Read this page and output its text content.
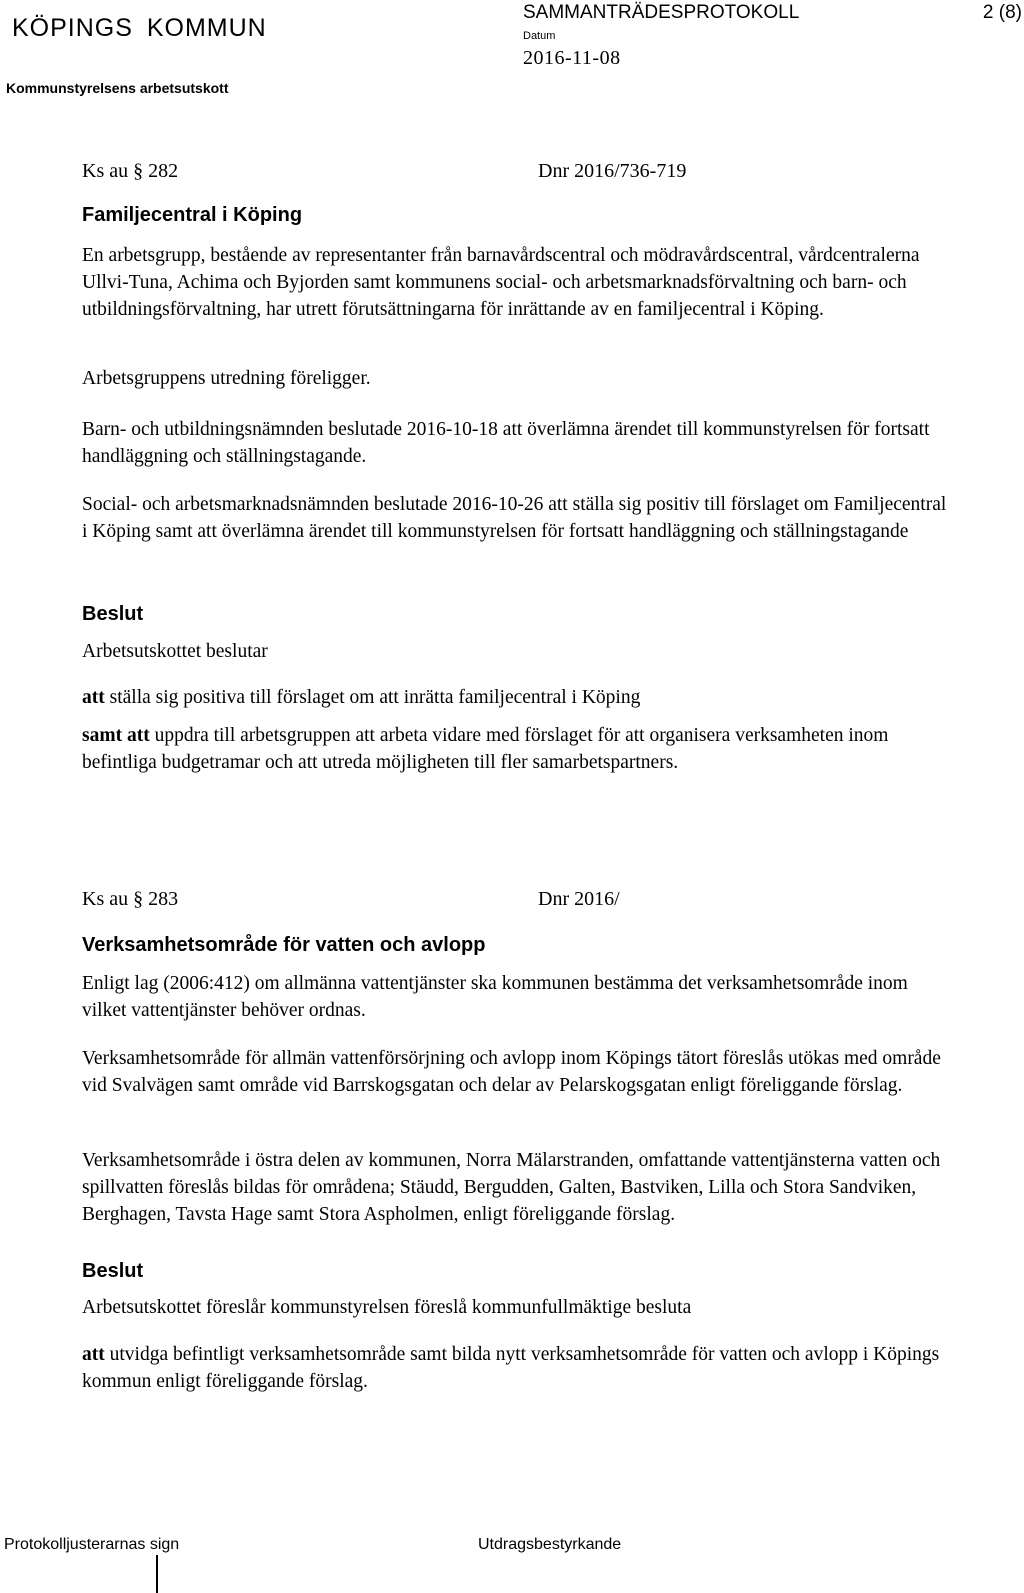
KÖPINGS KOMMUN
Kommunstyrelsens arbetsutskott
SAMMANTRÄDESPROTOKOLL
Datum
2016-11-08
2 (8)
Ks au § 282	Dnr 2016/736-719
Familjecentral i Köping

En arbetsgrupp, bestående av representanter från barnavårdscentral och mödravårdscentral, vårdcentralerna Ullvi-Tuna, Achima och Byjorden samt kommunens social- och arbetsmarknadsförvaltning och barn- och utbildningsförvaltning, har utrett förutsättningarna för inrättande av en familjecentral i Köping.

Arbetsgruppens utredning föreligger.

Barn- och utbildningsnämnden beslutade 2016-10-18 att överlämna ärendet till kommunstyrelsen för fortsatt handläggning och ställningstagande.

Social- och arbetsmarknadsnämnden beslutade 2016-10-26 att ställa sig positiv till förslaget om Familjecentral i Köping samt att överlämna ärendet till kommunstyrelsen för fortsatt handläggning och ställningstagande

Beslut

Arbetsutskottet beslutar

att ställa sig positiva till förslaget om att inrätta familjecentral i Köping

samt att uppdra till arbetsgruppen att arbeta vidare med förslaget för att organisera verksamheten inom befintliga budgetramar och att utreda möjligheten till fler samarbetspartners.

Ks au § 283	Dnr 2016/
Verksamhetsområde för vatten och avlopp

Enligt lag (2006:412) om allmänna vattentjänster ska kommunen bestämma det verksamhetsområde inom vilket vattentjänster behöver ordnas.

Verksamhetsområde för allmän vattenförsörjning och avlopp inom Köpings tätort föreslås utökas med område vid Svalvägen samt område vid Barrskogsgatan och delar av Pelarskogsgatan enligt föreliggande förslag.

Verksamhetsområde i östra delen av kommunen, Norra Mälarstranden, omfattande vattentjänsterna vatten och spillvatten föreslås bildas för områdena; Stäudd, Bergudden, Galten, Bastviken, Lilla och Stora Sandviken, Berghagen, Tavsta Hage samt Stora Aspholmen, enligt föreliggande förslag.

Beslut

Arbetsutskottet föreslår kommunstyrelsen föreslå kommunfullmäktige besluta

att utvidga befintligt verksamhetsområde samt bilda nytt verksamhetsområde för vatten och avlopp i Köpings kommun enligt föreliggande förslag.

Protokolljusterarnas sign	Utdragsbestyrkande
